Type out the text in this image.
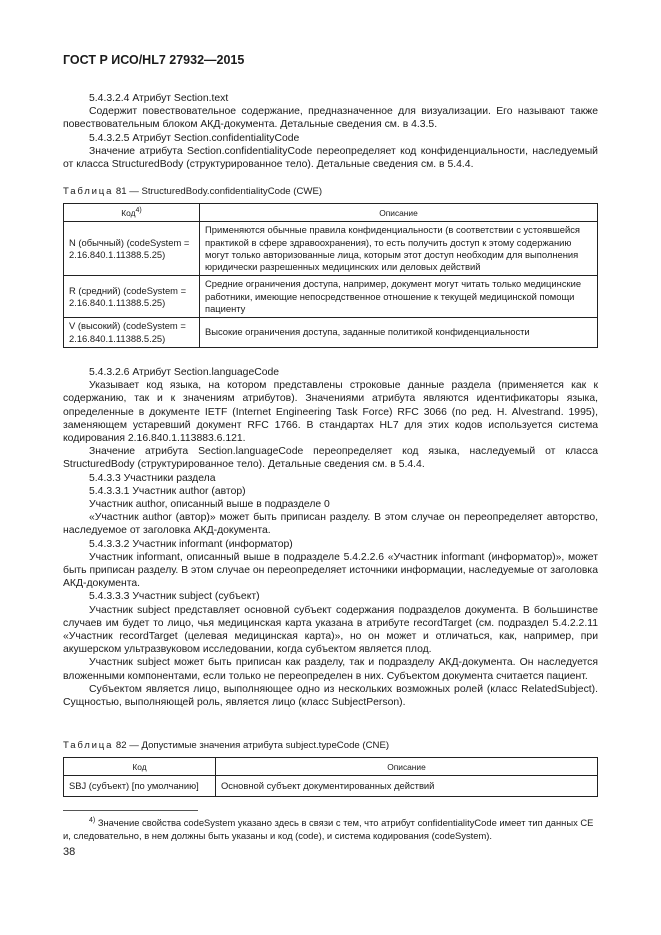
ГОСТ Р ИСО/HL7 27932—2015

5.4.3.2.4 Атрибут Section.text

Содержит повествовательное содержание, предназначенное для визуализации. Его называют также повествовательным блоком АКД-документа. Детальные сведения см. в 4.3.5.

5.4.3.2.5 Атрибут Section.confidentialityCode

Значение атрибута Section.confidentialityCode переопределяет код конфиденциальности, наследуемый от класса StructuredBody (структурированное тело). Детальные сведения см. в 5.4.4.

Таблица 81 — StructuredBody.confidentialityCode (CWE)

Код$^{4)}$	Описание
N (обычный) (codeSystem = 2.16.840.1.11388.5.25)	Применяются обычные правила конфиденциальности (в соответствии с устоявшейся практикой в сфере здравоохранения), то есть получить доступ к этому содержанию могут только авторизованные лица, которым этот доступ необходим для выполнения юридически разрешенных медицинских или деловых действий
R (средний) (codeSystem = 2.16.840.1.11388.5.25)	Средние ограничения доступа, например, документ могут читать только медицинские работники, имеющие непосредственное отношение к текущей медицинской помощи пациенту
V (высокий) (codeSystem = 2.16.840.1.11388.5.25)	Высокие ограничения доступа, заданные политикой конфиденциальности

5.4.3.2.6 Атрибут Section.languageCode

Указывает код языка, на котором представлены строковые данные раздела (применяется как к содержанию, так и к значениям атрибутов). Значениями атрибута являются идентификаторы языка, определенные в документе IETF (Internet Engineering Task Force) RFC 3066 (по ред. H. Alvestrand. 1995), заменяющем устаревший документ RFC 1766. В стандартах HL7 для этих кодов используется система кодирования 2.16.840.1.113883.6.121.

Значение атрибута Section.languageCode переопределяет код языка, наследуемый от класса StructuredBody (структурированное тело). Детальные сведения см. в 5.4.4.

5.4.3.3 Участники раздела

5.4.3.3.1 Участник author (автор)

Участник author, описанный выше в подразделе 0

«Участник author (автор)» может быть приписан разделу. В этом случае он переопределяет авторство, наследуемое от заголовка АКД-документа.

5.4.3.3.2 Участник informant (информатор)

Участник informant, описанный выше в подразделе 5.4.2.2.6 «Участник informant (информатор)», может быть приписан разделу. В этом случае он переопределяет источники информации, наследуемые от заголовка АКД-документа.

5.4.3.3.3 Участник subject (субъект)

Участник subject представляет основной субъект содержания подразделов документа. В большинстве случаев им будет то лицо, чья медицинская карта указана в атрибуте recordTarget (см. подраздел 5.4.2.2.11 «Участник recordTarget (целевая медицинская карта)», но он может и отличаться, как, например, при акушерском ультразвуковом исследовании, когда субъектом является плод.

Участник subject может быть приписан как разделу, так и подразделу АКД-документа. Он наследуется вложенными компонентами, если только не переопределен в них. Субъектом документа считается пациент.

Субъектом является лицо, выполняющее одно из нескольких возможных ролей (класс RelatedSubject). Сущностью, выполняющей роль, является лицо (класс SubjectPerson).

Таблица 82 — Допустимые значения атрибута subject.typeCode (CNE)

Код	Описание
SBJ (субъект) [по умолчанию]	Основной субъект документированных действий
$^{4)}$ Значение свойства codeSystem указано здесь в связи с тем, что атрибут confidentialityCode имеет тип данных CE и, следовательно, в нем должны быть указаны и код (code), и система кодирования (codeSystem).
38
